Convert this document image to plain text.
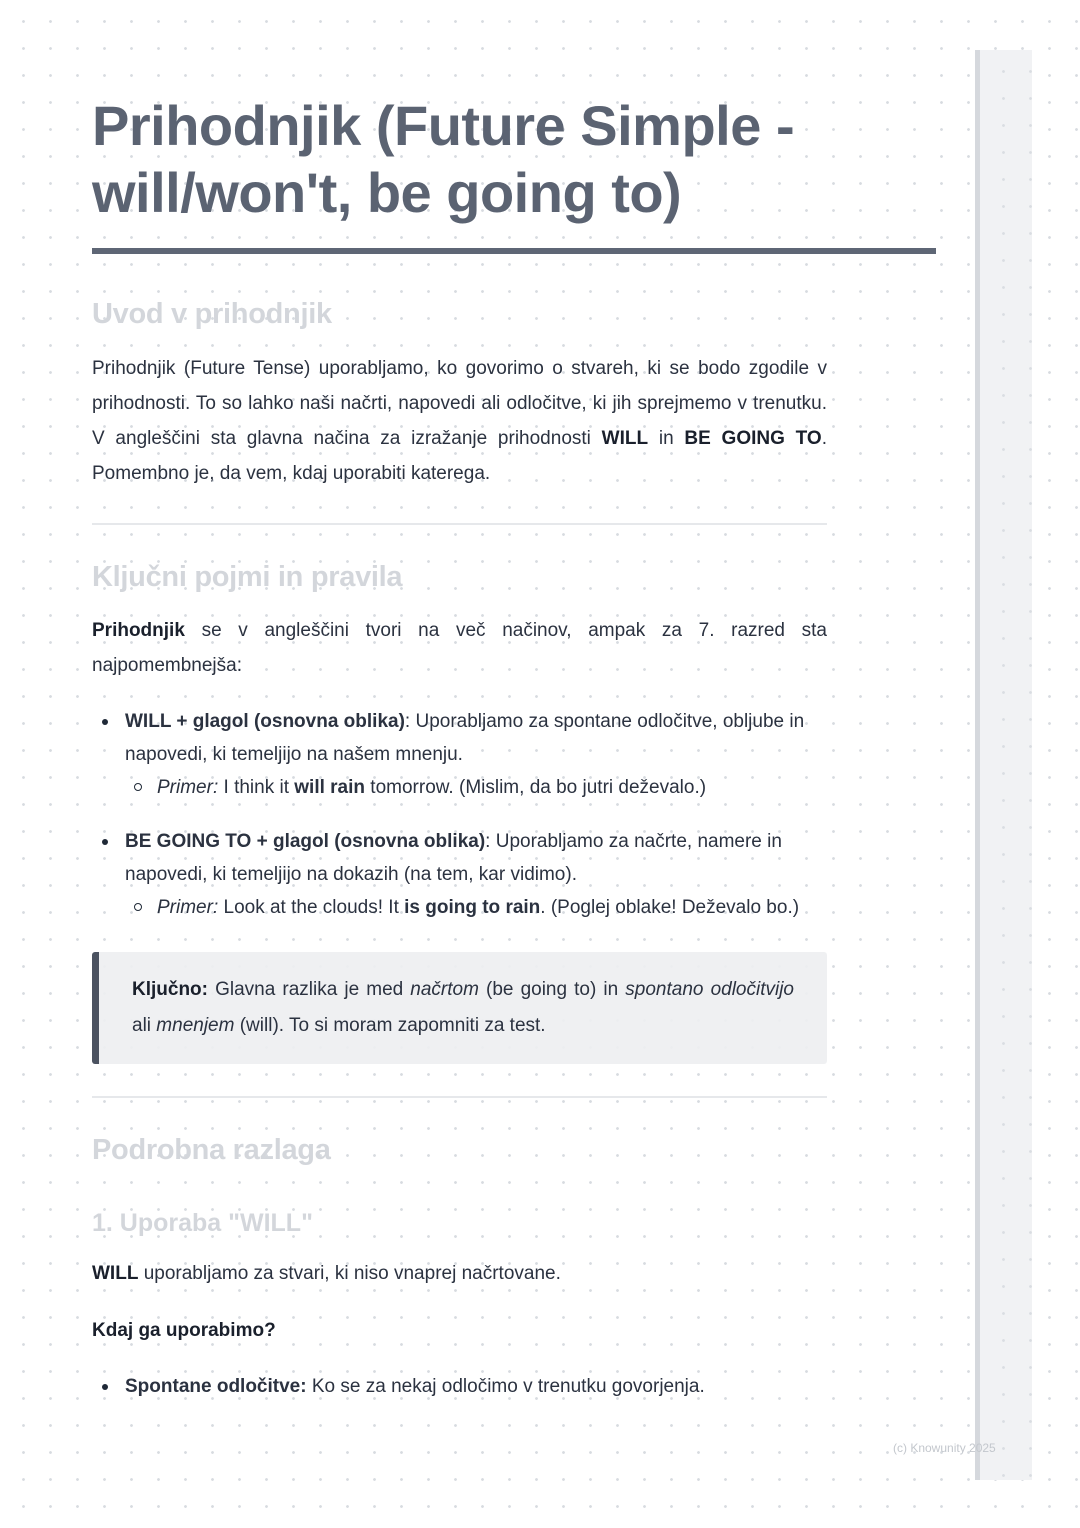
Prihodnjik (Future Simple -
will/won't, be going to)
Uvod v prihodnjik

Prihodnjik (Future Tense) uporabljamo, ko govorimo o stvareh, ki se bodo zgodile v prihodnosti. To so lahko naši načrti, napovedi ali odločitve, ki jih sprejmemo v trenutku. V angleščini sta glavna načina za izražanje prihodnosti WILL in BE GOING TO. Pomembno je, da vem, kdaj uporabiti katerega.

Ključni pojmi in pravila

Prihodnjik se v angleščini tvori na več načinov, ampak za 7. razred sta najpomembnejša:

WILL + glagol (osnovna oblika): Uporabljamo za spontane odločitve, obljube in napovedi, ki temeljijo na našem mnenju.
Primer: I think it will rain tomorrow. (Mislim, da bo jutri deževalo.)
BE GOING TO + glagol (osnovna oblika): Uporabljamo za načrte, namere in napovedi, ki temeljijo na dokazih (na tem, kar vidimo).
Primer: Look at the clouds! It is going to rain. (Poglej oblake! Deževalo bo.)

Ključno: Glavna razlika je med načrtom (be going to) in spontano odločitvijo ali mnenjem (will). To si moram zapomniti za test.

Podrobna razlaga
1. Uporaba "WILL"

WILL uporabljamo za stvari, ki niso vnaprej načrtovane.

Kdaj ga uporabimo?

Spontane odločitve: Ko se za nekaj odločimo v trenutku govorjenja.
(c) Knowunity 2025
